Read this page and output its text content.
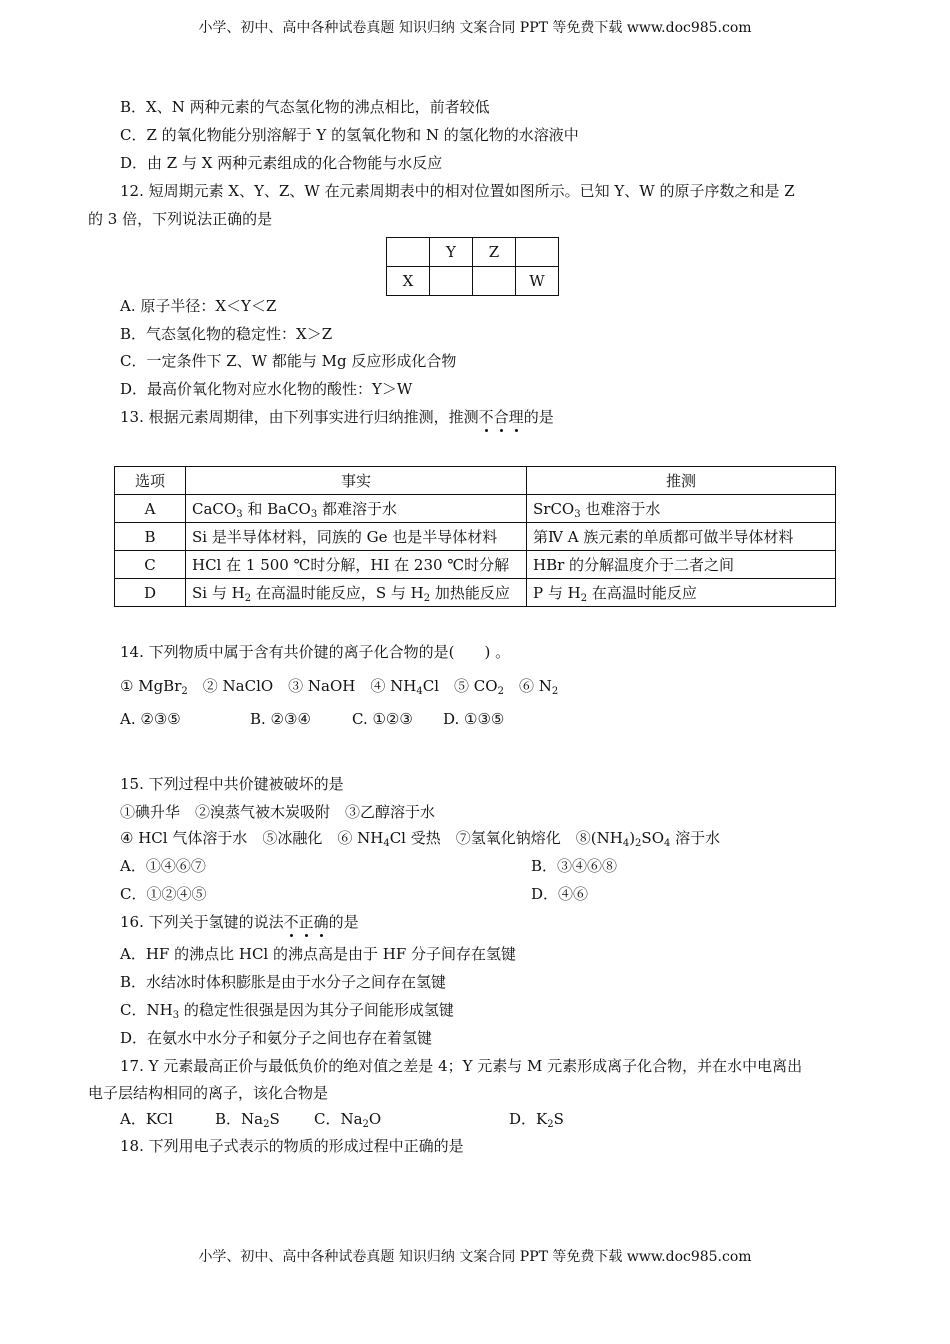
小学、初中、高中各种试卷真题 知识归纳 文案合同 PPT 等免费下载 www.doc985.com
B．X、N 两种元素的气态氢化物的沸点相比，前者较低
C．Z 的氧化物能分别溶解于 Y 的氢氧化物和 N 的氢化物的水溶液中
D．由 Z 与 X 两种元素组成的化合物能与水反应
12. 短周期元素 X、Y、Z、W 在元素周期表中的相对位置如图所示。已知 Y、W 的原子序数之和是 Z
的 3 倍，下列说法正确的是
	Y	Z	
X			W
A. 原子半径：X＜Y＜Z
B．气态氢化物的稳定性：X＞Z
C．一定条件下 Z、W 都能与 Mg 反应形成化合物
D．最高价氧化物对应水化物的酸性：Y＞W
13. 根据元素周期律，由下列事实进行归纳推测，推测不合理的是
选项	事实	推测
A	CaCO$_3$ 和 BaCO$_3$ 都难溶于水	SrCO$_3$ 也难溶于水
B	Si 是半导体材料，同族的 Ge 也是半导体材料	第Ⅳ A 族元素的单质都可做半导体材料
C	HCl 在 1 500 ℃时分解，HI 在 230 ℃时分解	HBr 的分解温度介于二者之间
D	Si 与 $H_2$ 在高温时能反应，S 与 $H_2$ 加热能反应	P 与 $H_2$ 在高温时能反应
14. 下列物质中属于含有共价键的离子化合物的是(　　) 。
① MgBr$_2$　② NaClO　③ NaOH　④ $NH_4Cl$　⑤ $CO_2$　⑥ $N_2$
A. ②③⑤	B. ②③④	C. ①②③ D. ①③⑤
15. 下列过程中共价键被破坏的是
①碘升华　②溴蒸气被木炭吸附　③乙醇溶于水
④ HCl 气体溶于水　⑤冰融化　⑥ $NH_4Cl$ 受热　⑦氢氧化钠熔化　$⑧(NH_4)_2SO_4$ 溶于水
A．①④⑥⑦	B．③④⑥⑧
C．①②④⑤	D．④⑥
16. 下列关于氢键的说法不正确的是
A．HF 的沸点比 HCl 的沸点高是由于 HF 分子间存在氢键
B．水结冰时体积膨胀是由于水分子之间存在氢键
C．$NH_3$ 的稳定性很强是因为其分子间能形成氢键
D．在氨水中水分子和氨分子之间也存在着氢键
17. Y 元素最高正价与最低负价的绝对值之差是 4；Y 元素与 M 元素形成离子化合物，并在水中电离出
电子层结构相同的离子，该化合物是
A．KCl	B．$Na_2S$ C．$Na_2O$	D．$K_2S$
18. 下列用电子式表示的物质的形成过程中正确的是
小学、初中、高中各种试卷真题 知识归纳 文案合同 PPT 等免费下载 www.doc985.com
